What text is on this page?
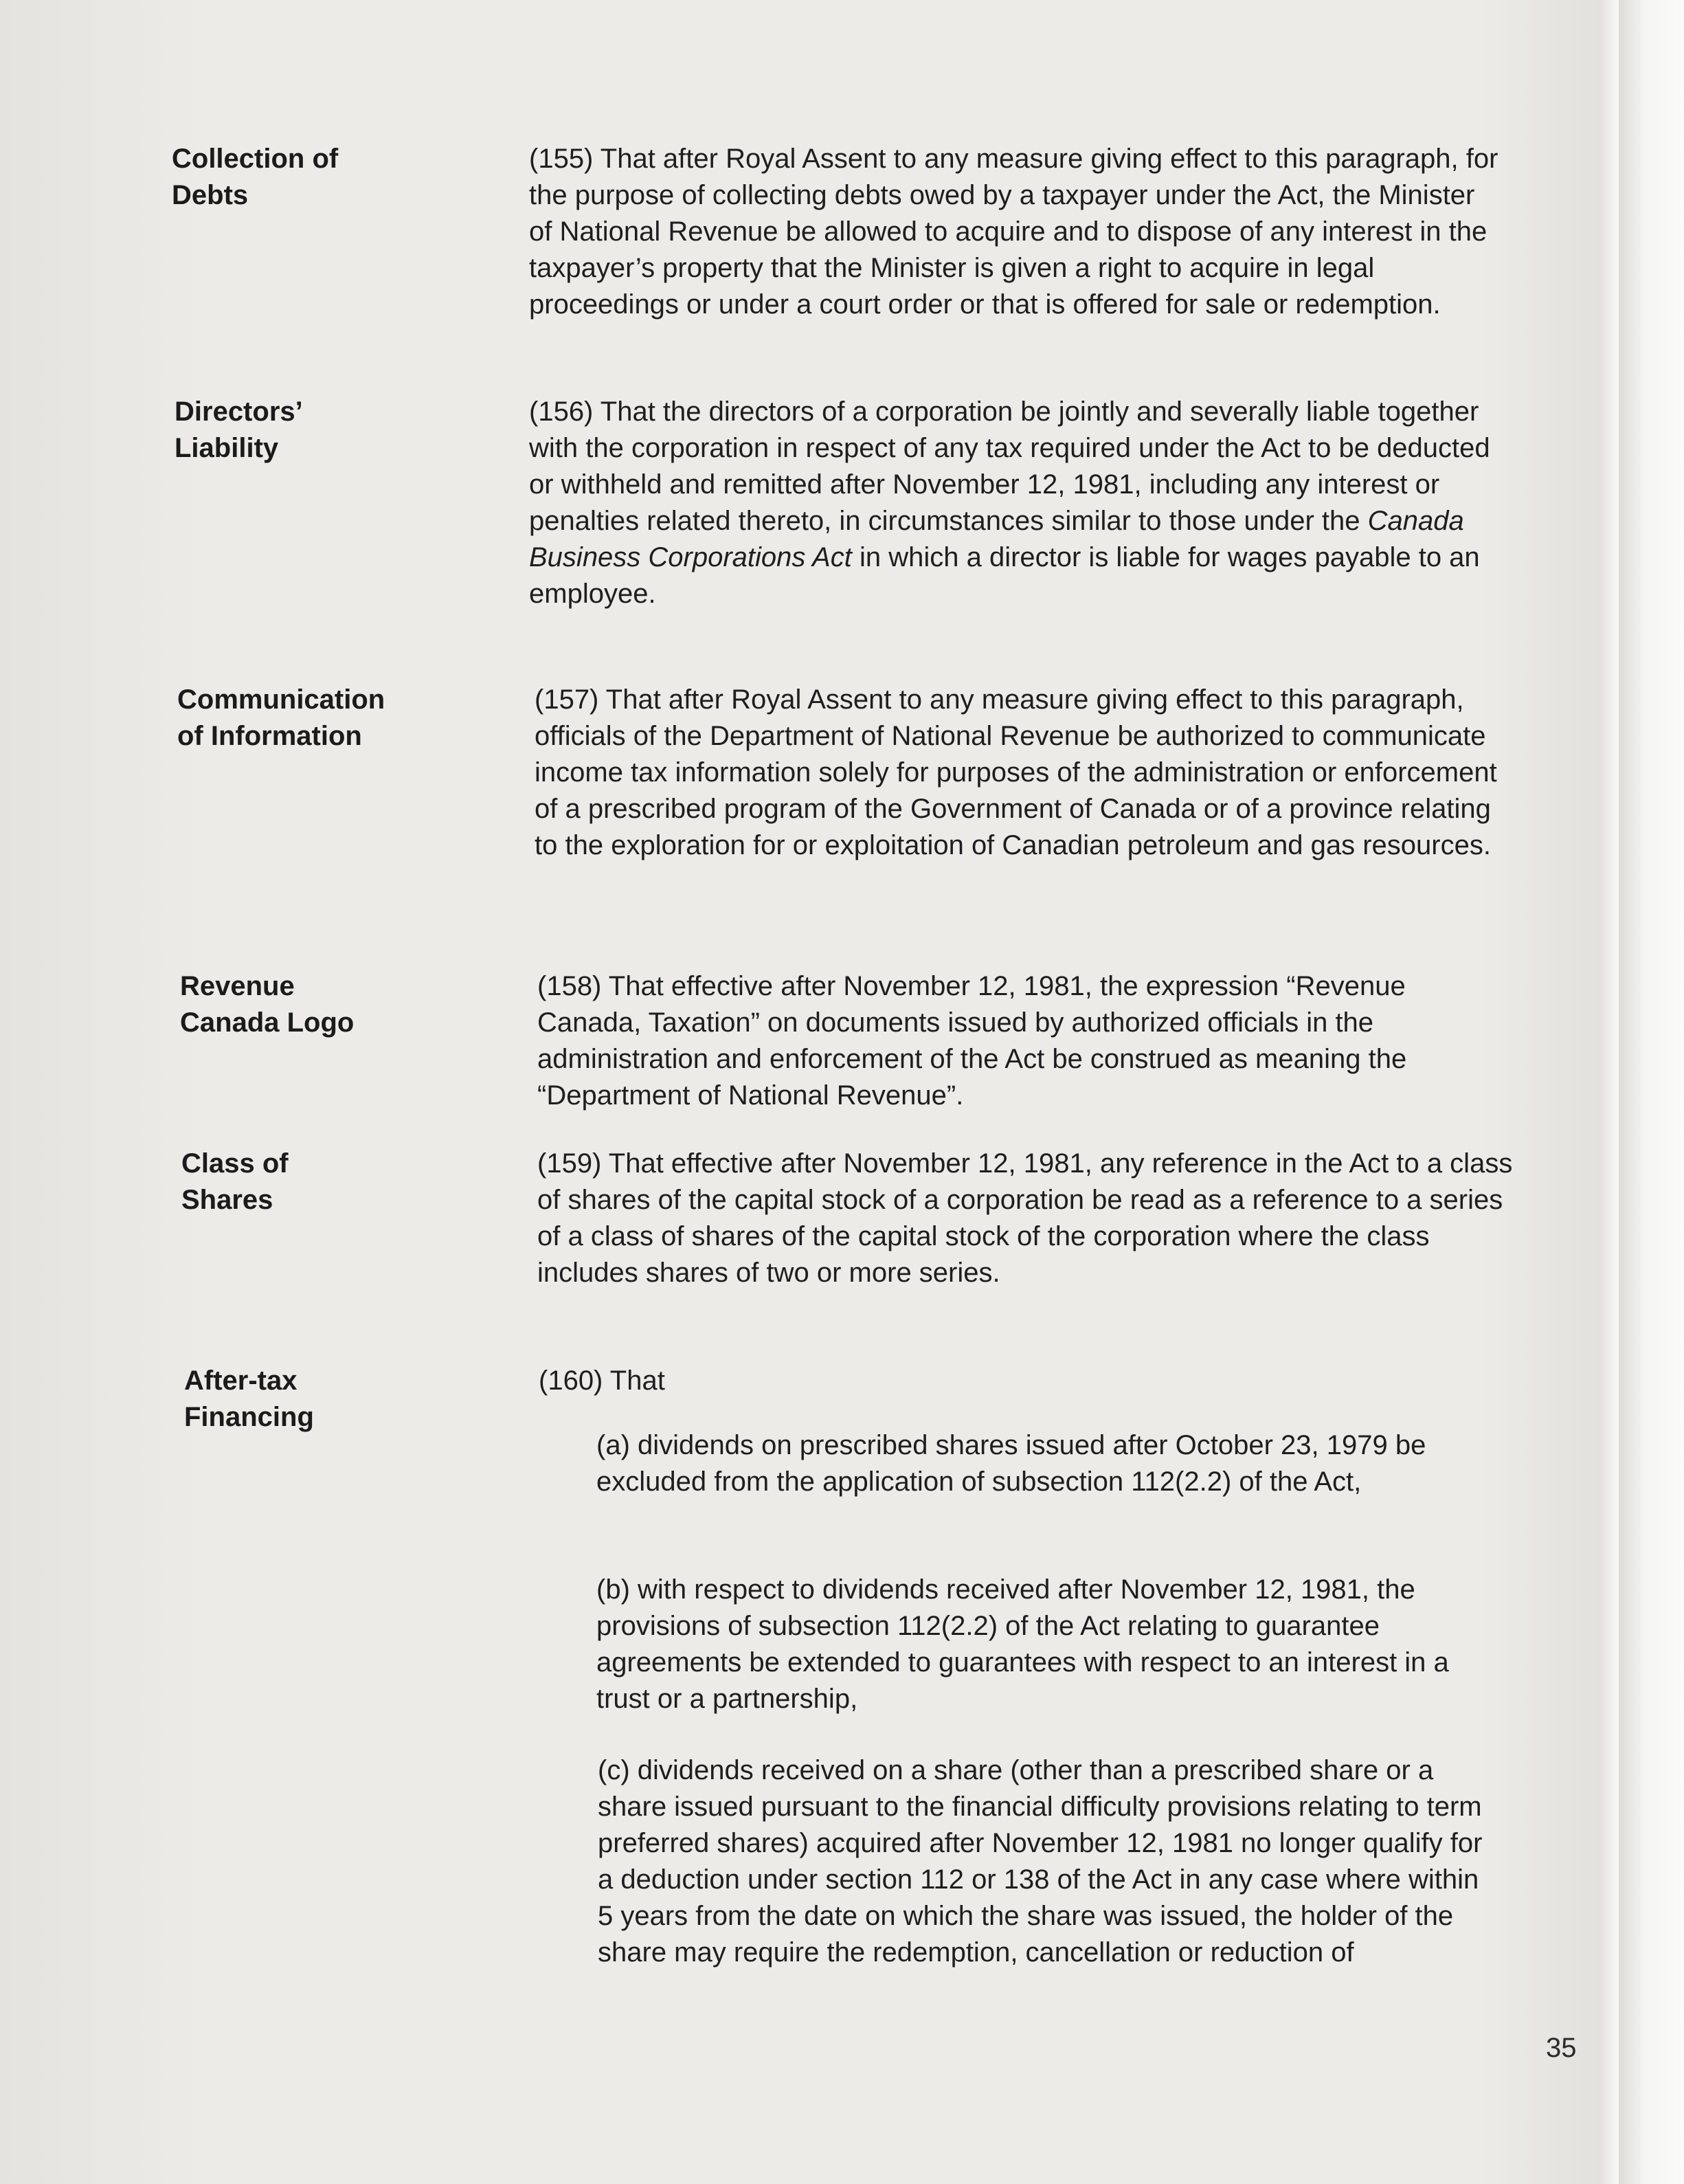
Collection of
Debts
(155) That after Royal Assent to any measure giving effect to this paragraph, for the purpose of collecting debts owed by a taxpayer under the Act, the Minister of National Revenue be allowed to acquire and to dispose of any interest in the taxpayer’s property that the Minister is given a right to acquire in legal proceedings or under a court order or that is offered for sale or redemption.
Directors’
Liability
(156) That the directors of a corporation be jointly and severally liable together with the corporation in respect of any tax required under the Act to be deducted or withheld and remitted after November 12, 1981, including any interest or penalties related thereto, in circumstances similar to those under the Canada Business Corporations Act in which a director is liable for wages payable to an employee.
Communication
of Information
(157) That after Royal Assent to any measure giving effect to this paragraph, officials of the Department of National Revenue be authorized to communicate income tax information solely for purposes of the administration or enforcement of a prescribed program of the Government of Canada or of a province relating to the exploration for or exploitation of Canadian petroleum and gas resources.
Revenue
Canada Logo
(158) That effective after November 12, 1981, the expression “Revenue Canada, Taxation” on documents issued by authorized officials in the administration and enforcement of the Act be construed as meaning the “Department of National Revenue”.
Class of
Shares
(159) That effective after November 12, 1981, any reference in the Act to a class of shares of the capital stock of a corporation be read as a reference to a series of a class of shares of the capital stock of the corporation where the class includes shares of two or more series.
After-tax
Financing
(160) That
(a) dividends on prescribed shares issued after October 23, 1979 be excluded from the application of subsection 112(2.2) of the Act,
(b) with respect to dividends received after November 12, 1981, the provisions of subsection 112(2.2) of the Act relating to guarantee agreements be extended to guarantees with respect to an interest in a trust or a partnership,
(c) dividends received on a share (other than a prescribed share or a share issued pursuant to the financial difficulty provisions relating to term preferred shares) acquired after November 12, 1981 no longer qualify for a deduction under section 112 or 138 of the Act in any case where within 5 years from the date on which the share was issued, the holder of the share may require the redemption, cancellation or reduction of
35
